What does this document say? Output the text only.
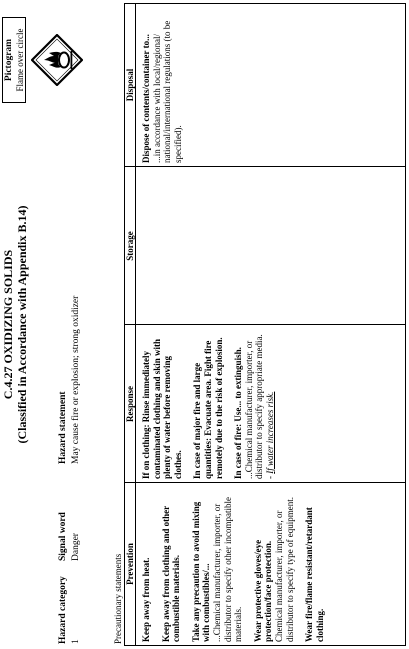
C.4.27 OXIDIZING SOLIDS (Classified in Accordance with Appendix B.14)
Hazard category 1
Signal word Danger
Hazard statement May cause fire or explosion; strong oxidizer
Pictogram Flame over circle
Precautionary statements Prevention
Response
Storage
Disposal

Keep away from heat. Keep away from clothing and other combustible materials. Take any precaution to avoid mixing with combustibles/...
...Chemical manufacturer, importer, or distributor to specify other incompatible materials. Wear protective gloves/eye protection/face protection.
Chemical manufacturer, importer, or distributor to specify type of equipment. Wear fire/flame resistant/retardant clothing.

If on clothing: Rinse immediately contaminated clothing and skin with plenty of water before removing clothes. In case of major fire and large quantities: Evacuate area. Fight fire remotely due to the risk of explosion. In case of fire: Use... to extinguish.
...Chemical manufacturer, importer, or distributor to specify appropriate media.
- If water increases risk.

Dispose of contents/container to...
...in accordance with local/regional/ national/international regulations (to be specified).
